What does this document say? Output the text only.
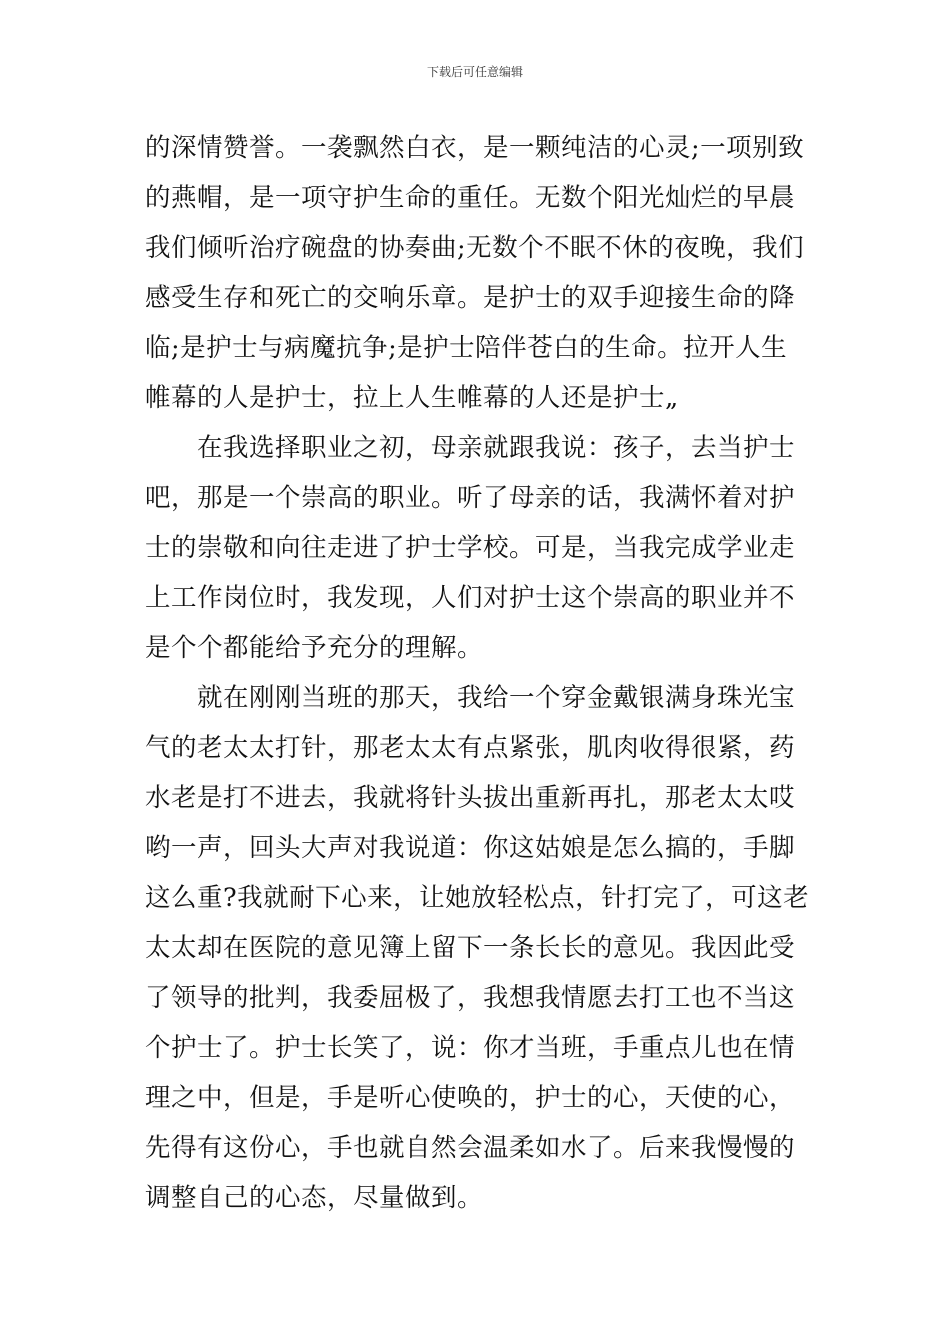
下载后可任意编辑
的深情赞誉。一袭飘然白衣，是一颗纯洁的心灵;一项别致
的燕帽，是一项守护生命的重任。无数个阳光灿烂的早晨
我们倾听治疗碗盘的协奏曲;无数个不眠不休的夜晚，我们
感受生存和死亡的交响乐章。是护士的双手迎接生命的降
临;是护士与病魔抗争;是护士陪伴苍白的生命。拉开人生
帷幕的人是护士，拉上人生帷幕的人还是护士„
在我选择职业之初，母亲就跟我说：孩子，去当护士
吧，那是一个崇高的职业。听了母亲的话，我满怀着对护
士的崇敬和向往走进了护士学校。可是，当我完成学业走
上工作岗位时，我发现，人们对护士这个崇高的职业并不
是个个都能给予充分的理解。
就在刚刚当班的那天，我给一个穿金戴银满身珠光宝
气的老太太打针，那老太太有点紧张，肌肉收得很紧，药
水老是打不进去，我就将针头拔出重新再扎，那老太太哎
哟一声，回头大声对我说道：你这姑娘是怎么搞的，手脚
这么重?我就耐下心来，让她放轻松点，针打完了，可这老
太太却在医院的意见簿上留下一条长长的意见。我因此受
了领导的批判，我委屈极了，我想我情愿去打工也不当这
个护士了。护士长笑了，说：你才当班，手重点儿也在情
理之中，但是，手是听心使唤的，护士的心，天使的心，
先得有这份心，手也就自然会温柔如水了。后来我慢慢的
调整自己的心态，尽量做到。
